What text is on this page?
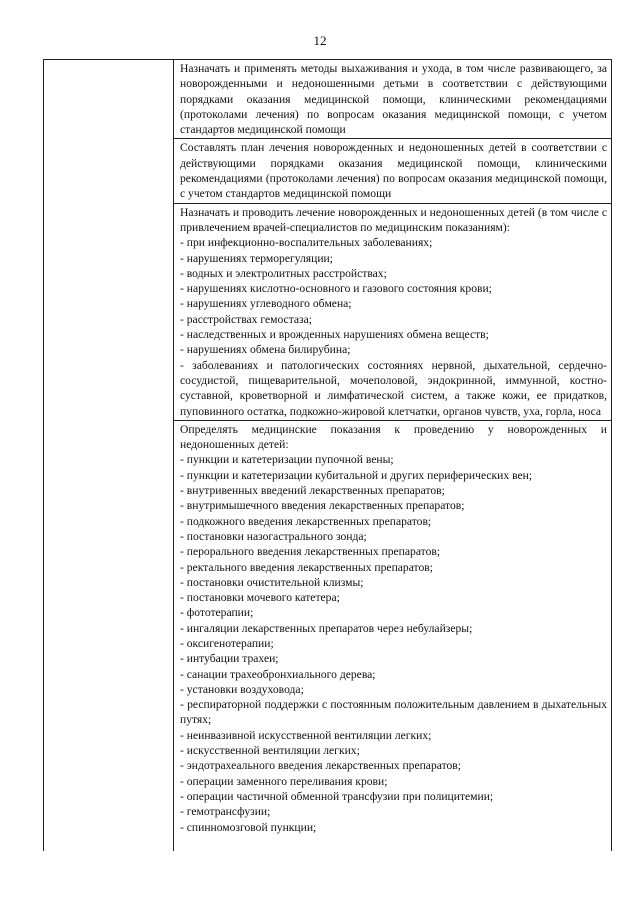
12

Назначать и применять методы выхаживания и ухода, в том числе развивающего, за новорожденными и недоношенными детьми в соответствии с действующими порядками оказания медицинской помощи, клиническими рекомендациями (протоколами лечения) по вопросам оказания медицинской помощи, с учетом стандартов медицинской помощи

Составлять план лечения новорожденных и недоношенных детей в соответствии с действующими порядками оказания медицинской помощи, клиническими рекомендациями (протоколами лечения) по вопросам оказания медицинской помощи, с учетом стандартов медицинской помощи

Назначать и проводить лечение новорожденных и недоношенных детей (в том числе с привлечением врачей-специалистов по медицинским показаниям):

- при инфекционно-воспалительных заболеваниях;

- нарушениях терморегуляции;

- водных и электролитных расстройствах;

- нарушениях кислотно-основного и газового состояния крови;

- нарушениях углеводного обмена;

- расстройствах гемостаза;

- наследственных и врожденных нарушениях обмена веществ;

- нарушениях обмена билирубина;

- заболеваниях и патологических состояниях нервной, дыхательной, сердечно-сосудистой, пищеварительной, мочеполовой, эндокринной, иммунной, костно-суставной, кроветворной и лимфатической систем, а также кожи, ее придатков, пуповинного остатка, подкожно-жировой клетчатки, органов чувств, уха, горла, носа

Определять медицинские показания к проведению у новорожденных и недоношенных детей:

- пункции и катетеризации пупочной вены;

- пункции и катетеризации кубитальной и других периферических вен;

- внутривенных введений лекарственных препаратов;

- внутримышечного введения лекарственных препаратов;

- подкожного введения лекарственных препаратов;

- постановки назогастрального зонда;

- перорального введения лекарственных препаратов;

- ректального введения лекарственных препаратов;

- постановки очистительной клизмы;

- постановки мочевого катетера;

- фототерапии;

- ингаляции лекарственных препаратов через небулайзеры;

- оксигенотерапии;

- интубации трахеи;

- санации трахеобронхиального дерева;

- установки воздуховода;

- респираторной поддержки с постоянным положительным давлением в дыхательных путях;

- неинвазивной искусственной вентиляции легких;

- искусственной вентиляции легких;

- эндотрахеального введения лекарственных препаратов;

- операции заменного переливания крови;

- операции частичной обменной трансфузии при полицитемии;

- гемотрансфузии;

- спинномозговой пункции;
